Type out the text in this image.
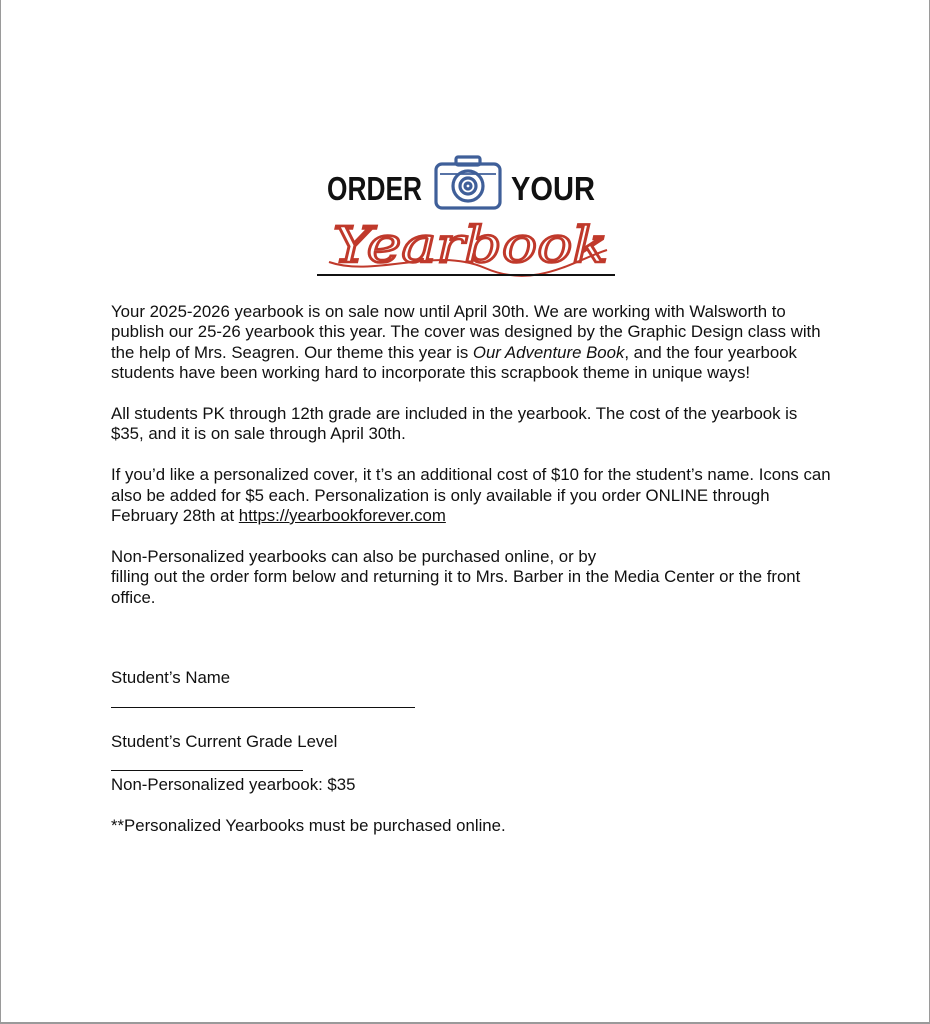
ORDER	YOUR
Yearbook

Your 2025-2026 yearbook is on sale now until April 30th. We are working with Walsworth to publish our 25-26 yearbook this year. The cover was designed by the Graphic Design class with the help of Mrs. Seagren. Our theme this year is Our Adventure Book, and the four yearbook students have been working hard to incorporate this scrapbook theme in unique ways!

All students PK through 12th grade are included in the yearbook. The cost of the yearbook is $35, and it is on sale through April 30th.

If you’d like a personalized cover, it t’s an additional cost of $10 for the student’s name. Icons can also be added for $5 each. Personalization is only available if you order ONLINE through February 28th at https://yearbookforever.com

Non-Personalized yearbooks can also be purchased online, or by
filling out the order form below and returning it to Mrs. Barber in the Media Center or the front office.

Student’s Name

Student’s Current Grade Level

Non-Personalized yearbook: $35

**Personalized Yearbooks must be purchased online.
